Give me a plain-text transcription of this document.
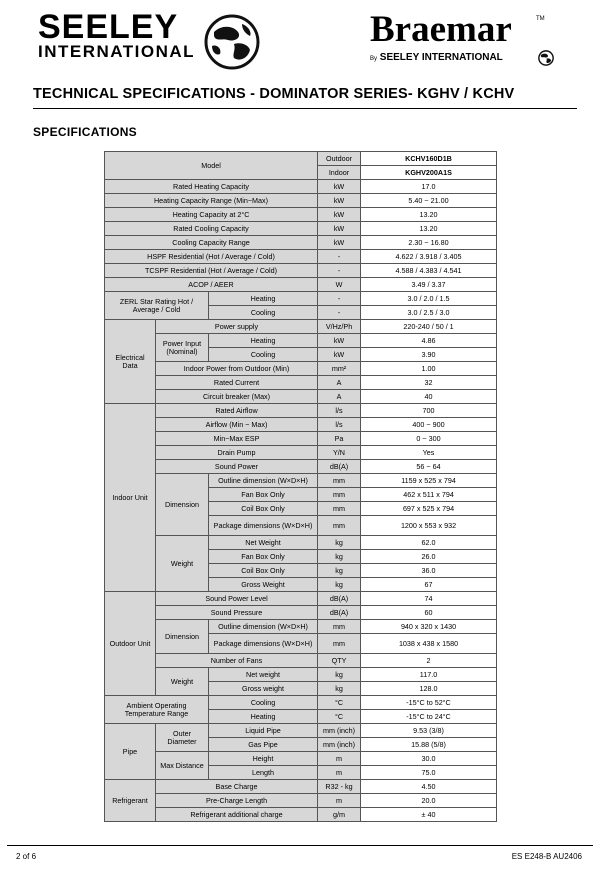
SEELEY
INTERNATIONAL
Braemar	TM
By SEELEY INTERNATIONAL
TECHNICAL SPECIFICATIONS - DOMINATOR SERIES- KGHV / KCHV
SPECIFICATIONS
Model			Outdoor	KCHV160D1B
			Indoor	KGHV200A1S
Rated Heating Capacity			kW	17.0
Heating Capacity Range (Min~Max)			kW	5.40 ~ 21.00
Heating Capacity at 2°C			kW	13.20
Rated Cooling Capacity			kW	13.20
Cooling Capacity Range			kW	2.30 ~ 16.80
HSPF Residential (Hot / Average / Cold)			-	4.622 / 3.918 / 3.405
TCSPF Residential (Hot / Average / Cold)			-	4.588 / 4.383 / 4.541
ACOP / AEER			W	3.49 / 3.37
ZERL Star Rating Hot / Average / Cold		Heating	-	3.0 / 2.0 / 1.5
		Cooling	-	3.0 / 2.5 / 3.0
Electrical Data	Power supply		V/Hz/Ph	220-240 / 50 / 1
	Power Input (Nominal)	Heating	kW	4.86
		Cooling	kW	3.90
	Indoor Power from Outdoor (Min)		mm²	1.00
	Rated Current		A	32
	Circuit breaker (Max)		A	40
Indoor Unit	Rated Airflow		l/s	700
	Airflow (Min ~ Max)		l/s	400 ~ 900
	Min~Max ESP		Pa	0 ~ 300
	Drain Pump		Y/N	Yes
	Sound Power		dB(A)	56 ~ 64
	Dimension	Outline dimension (W×D×H)	mm	1159 x 525 x 794
		Fan Box Only	mm	462 x 511 x 794
		Coil Box Only	mm	697 x 525 x 794
		Package dimensions (W×D×H)	mm	1200 x 553 x 932
	Weight	Net Weight	kg	62.0
		Fan Box Only	kg	26.0
		Coil Box Only	kg	36.0
		Gross Weight	kg	67
Outdoor Unit	Sound Power Level		dB(A)	74
	Sound Pressure		dB(A)	60
	Dimension	Outline dimension (W×D×H)	mm	940 x 320 x 1430
		Package dimensions (W×D×H)	mm	1038 x 438 x 1580
	Number of Fans		QTY	2
	Weight	Net weight	kg	117.0
		Gross weight	kg	128.0
Ambient Operating Temperature Range		Cooling	°C	-15°C to 52°C
		Heating	°C	-15°C to 24°C
Pipe	Outer Diameter	Liquid Pipe	mm (inch)	9.53 (3/8)
		Gas Pipe	mm (inch)	15.88 (5/8)
	Max Distance	Height	m	30.0
		Length	m	75.0
Refrigerant	Base Charge		R32 - kg	4.50
	Pre-Charge Length		m	20.0
	Refrigerant additional charge		g/m	± 40
2 of 6	ES E248-B AU2406
